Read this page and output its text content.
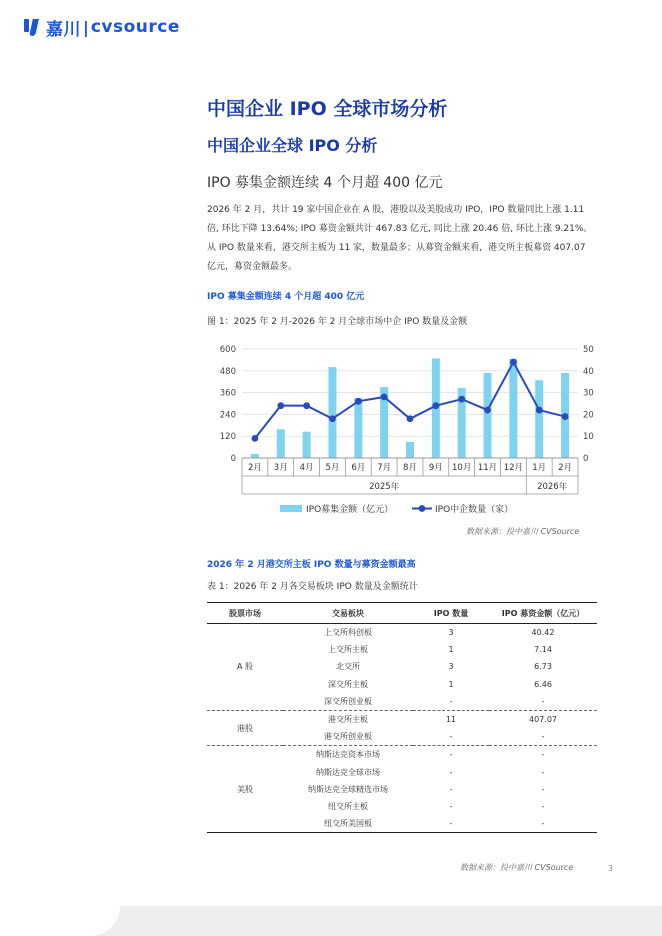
嘉川 | cvsource
中国企业 IPO 全球市场分析
中国企业全球 IPO 分析
IPO 募集金额连续 4 个月超 400 亿元
2026 年 2 月，共计 19 家中国企业在 A 股，港股以及美股成功 IPO，IPO 数量同比上涨 1.11
倍, 环比下降 13.64%; IPO 募资金额共计 467.83 亿元, 同比上涨 20.46 倍, 环比上涨 9.21%。
从 IPO 数量来看，港交所主板为 11 家，数量最多；从募资金额来看，港交所主板募资 407.07
亿元，募资金额最多。
IPO 募集金额连续 4 个月超 400 亿元
图 1：2025 年 2 月-2026 年 2 月全球市场中企 IPO 数量及金额
0
120
240
360
480
600
0
10
20
30
40
50
2月 3月 4月 5月 6月 7月 8月 9月 10月 11月 12月 1月 2月
2025年	2026年
IPO募集金额（亿元）	IPO中企数量（家）
数据来源：投中嘉川 CVSource
2026 年 2 月港交所主板 IPO 数量与募资金额最高
表 1：2026 年 2 月各交易板块 IPO 数量及金额统计
股票市场	交易板块	IPO 数量	IPO 募资金额（亿元）
A 股	上交所科创板	3	40.42
	上交所主板	1	7.14
	北交所	3	6.73
	深交所主板	1	6.46
	深交所创业板	-	-
港股	港交所主板	11	407.07
	港交所创业板	-	-
美股	纳斯达克资本市场	-	-
	纳斯达克全球市场	-	-
	纳斯达克全球精选市场	-	-
	纽交所主板	-	-
	纽交所美国板	-	-
数据来源：投中嘉川 CVSource	3
